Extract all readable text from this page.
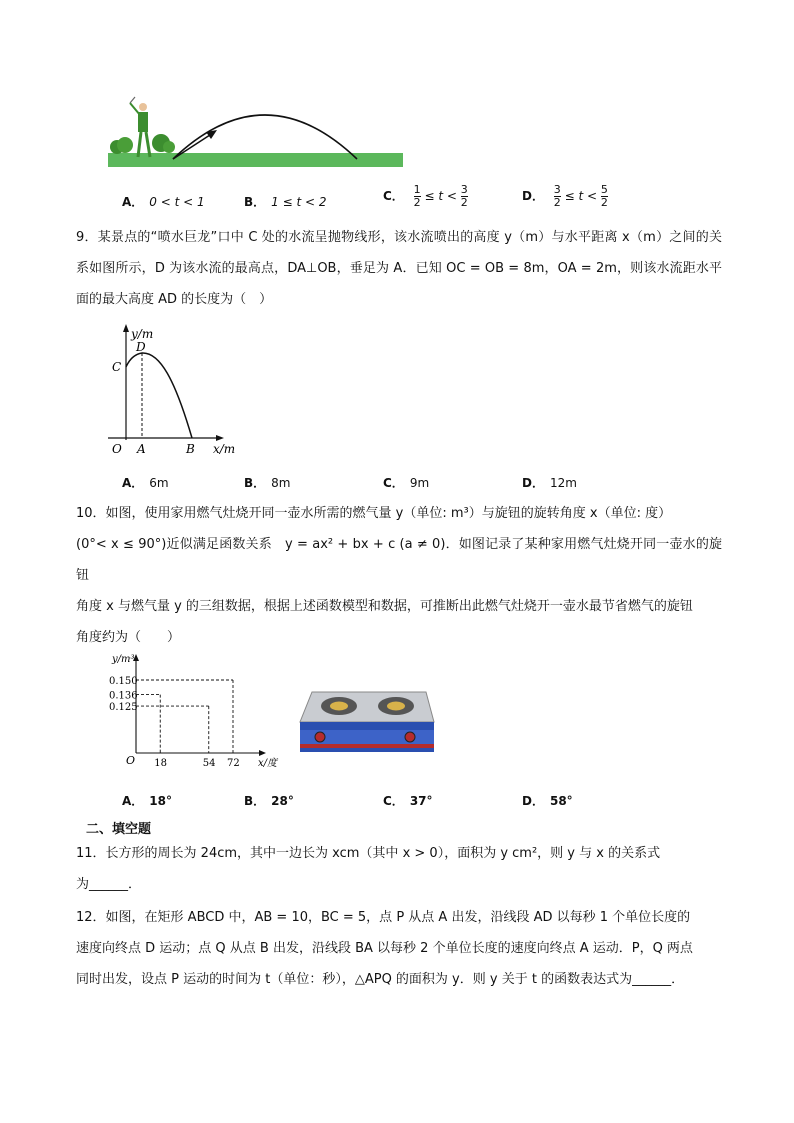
A． 0 < t < 1	B． 1 ≤ t < 2	C． $\frac{1}{2} \le t < \frac{3}{2}$	D． $\frac{3}{2} \le t < \frac{5}{2}$
9．某景点的“喷水巨龙”口中 C 处的水流呈抛物线形，该水流喷出的高度 y（m）与水平距离 x（m）之间的关系如图所示，D 为该水流的最高点，DA⊥OB，垂足为 A．已知 OC = OB = 8m，OA = 2m，则该水流距水平面的最大高度 AD 的长度为（　）
y/m
C
D
O A	B x/m
A． 6m	B． 8m	C． 9m	D． 12m
10．如图，使用家用燃气灶烧开同一壶水所需的燃气量 y（单位: m³）与旋钮的旋转角度 x（单位: 度）
(0°< x ≤ 90°)近似满足函数关系　y = ax² + bx + c (a ≠ 0)．如图记录了某种家用燃气灶烧开同一壶水的旋钮
角度 x 与燃气量 y 的三组数据，根据上述函数模型和数据，可推断出此燃气灶烧开一壶水最节省燃气的旋钮
角度约为（　　）
y/m³
x/度
O 18	54 72
0.150
0.136
0.125
A． 18°	B． 28°	C． 37°	D． 58°
二、填空题
11．长方形的周长为 24cm，其中一边长为 xcm（其中 x > 0），面积为 y cm²，则 y 与 x 的关系式
为______．
12．如图，在矩形 ABCD 中，AB = 10，BC = 5，点 P 从点 A 出发，沿线段 AD 以每秒 1 个单位长度的
速度向终点 D 运动；点 Q 从点 B 出发，沿线段 BA 以每秒 2 个单位长度的速度向终点 A 运动．P，Q 两点
同时出发，设点 P 运动的时间为 t（单位：秒），△APQ 的面积为 y．则 y 关于 t 的函数表达式为______．
